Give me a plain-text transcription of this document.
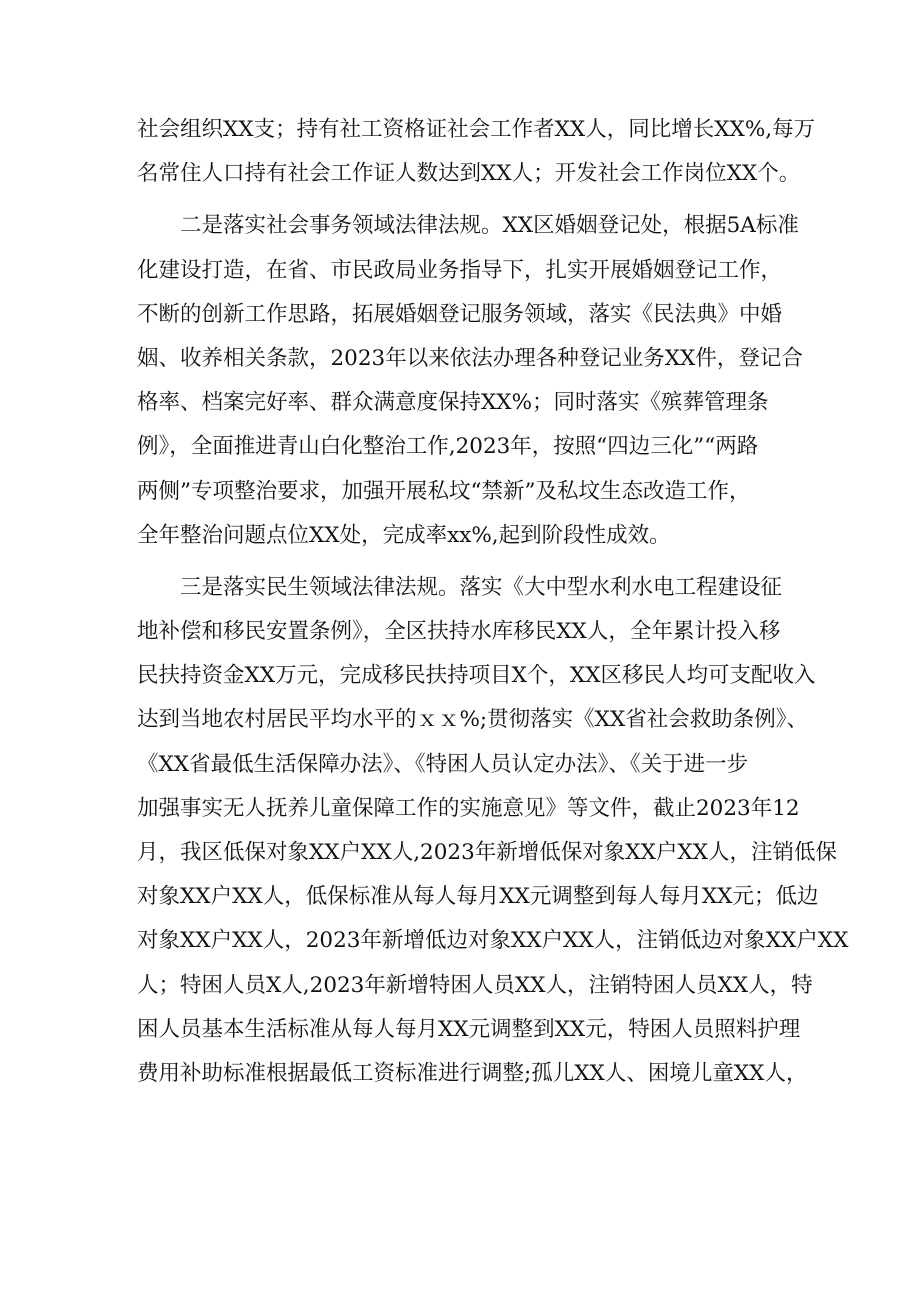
社会组织XX支；持有社工资格证社会工作者XX人，同比增长XX%,每万
名常住人口持有社会工作证人数达到XX人；开发社会工作岗位XX个。

二是落实社会事务领域法律法规。XX区婚姻登记处，根据5A标准
化建设打造，在省、市民政局业务指导下，扎实开展婚姻登记工作，
不断的创新工作思路，拓展婚姻登记服务领域，落实《民法典》中婚
姻、收养相关条款，2023年以来依法办理各种登记业务XX件，登记合
格率、档案完好率、群众满意度保持XX%；同时落实《殡葬管理条
例》，全面推进青山白化整治工作,2023年，按照“四边三化”“两路
两侧”专项整治要求，加强开展私坟“禁新”及私坟生态改造工作，
全年整治问题点位XX处，完成率xx%,起到阶段性成效。

三是落实民生领域法律法规。落实《大中型水利水电工程建设征
地补偿和移民安置条例》，全区扶持水库移民XX人，全年累计投入移
民扶持资金XX万元，完成移民扶持项目X个，XX区移民人均可支配收入
达到当地农村居民平均水平的ｘｘ%;贯彻落实《XX省社会救助条例》、
《XX省最低生活保障办法》、《特困人员认定办法》、《关于进一步
加强事实无人抚养儿童保障工作的实施意见》等文件，截止2023年12
月，我区低保对象XX户XX人,2023年新增低保对象XX户XX人，注销低保
对象XX户XX人，低保标准从每人每月XX元调整到每人每月XX元；低边
对象XX户XX人，2023年新增低边对象XX户XX人，注销低边对象XX户XX
人；特困人员X人,2023年新增特困人员XX人，注销特困人员XX人，特
困人员基本生活标准从每人每月XX元调整到XX元，特困人员照料护理
费用补助标准根据最低工资标准进行调整;孤儿XX人、困境儿童XX人，
